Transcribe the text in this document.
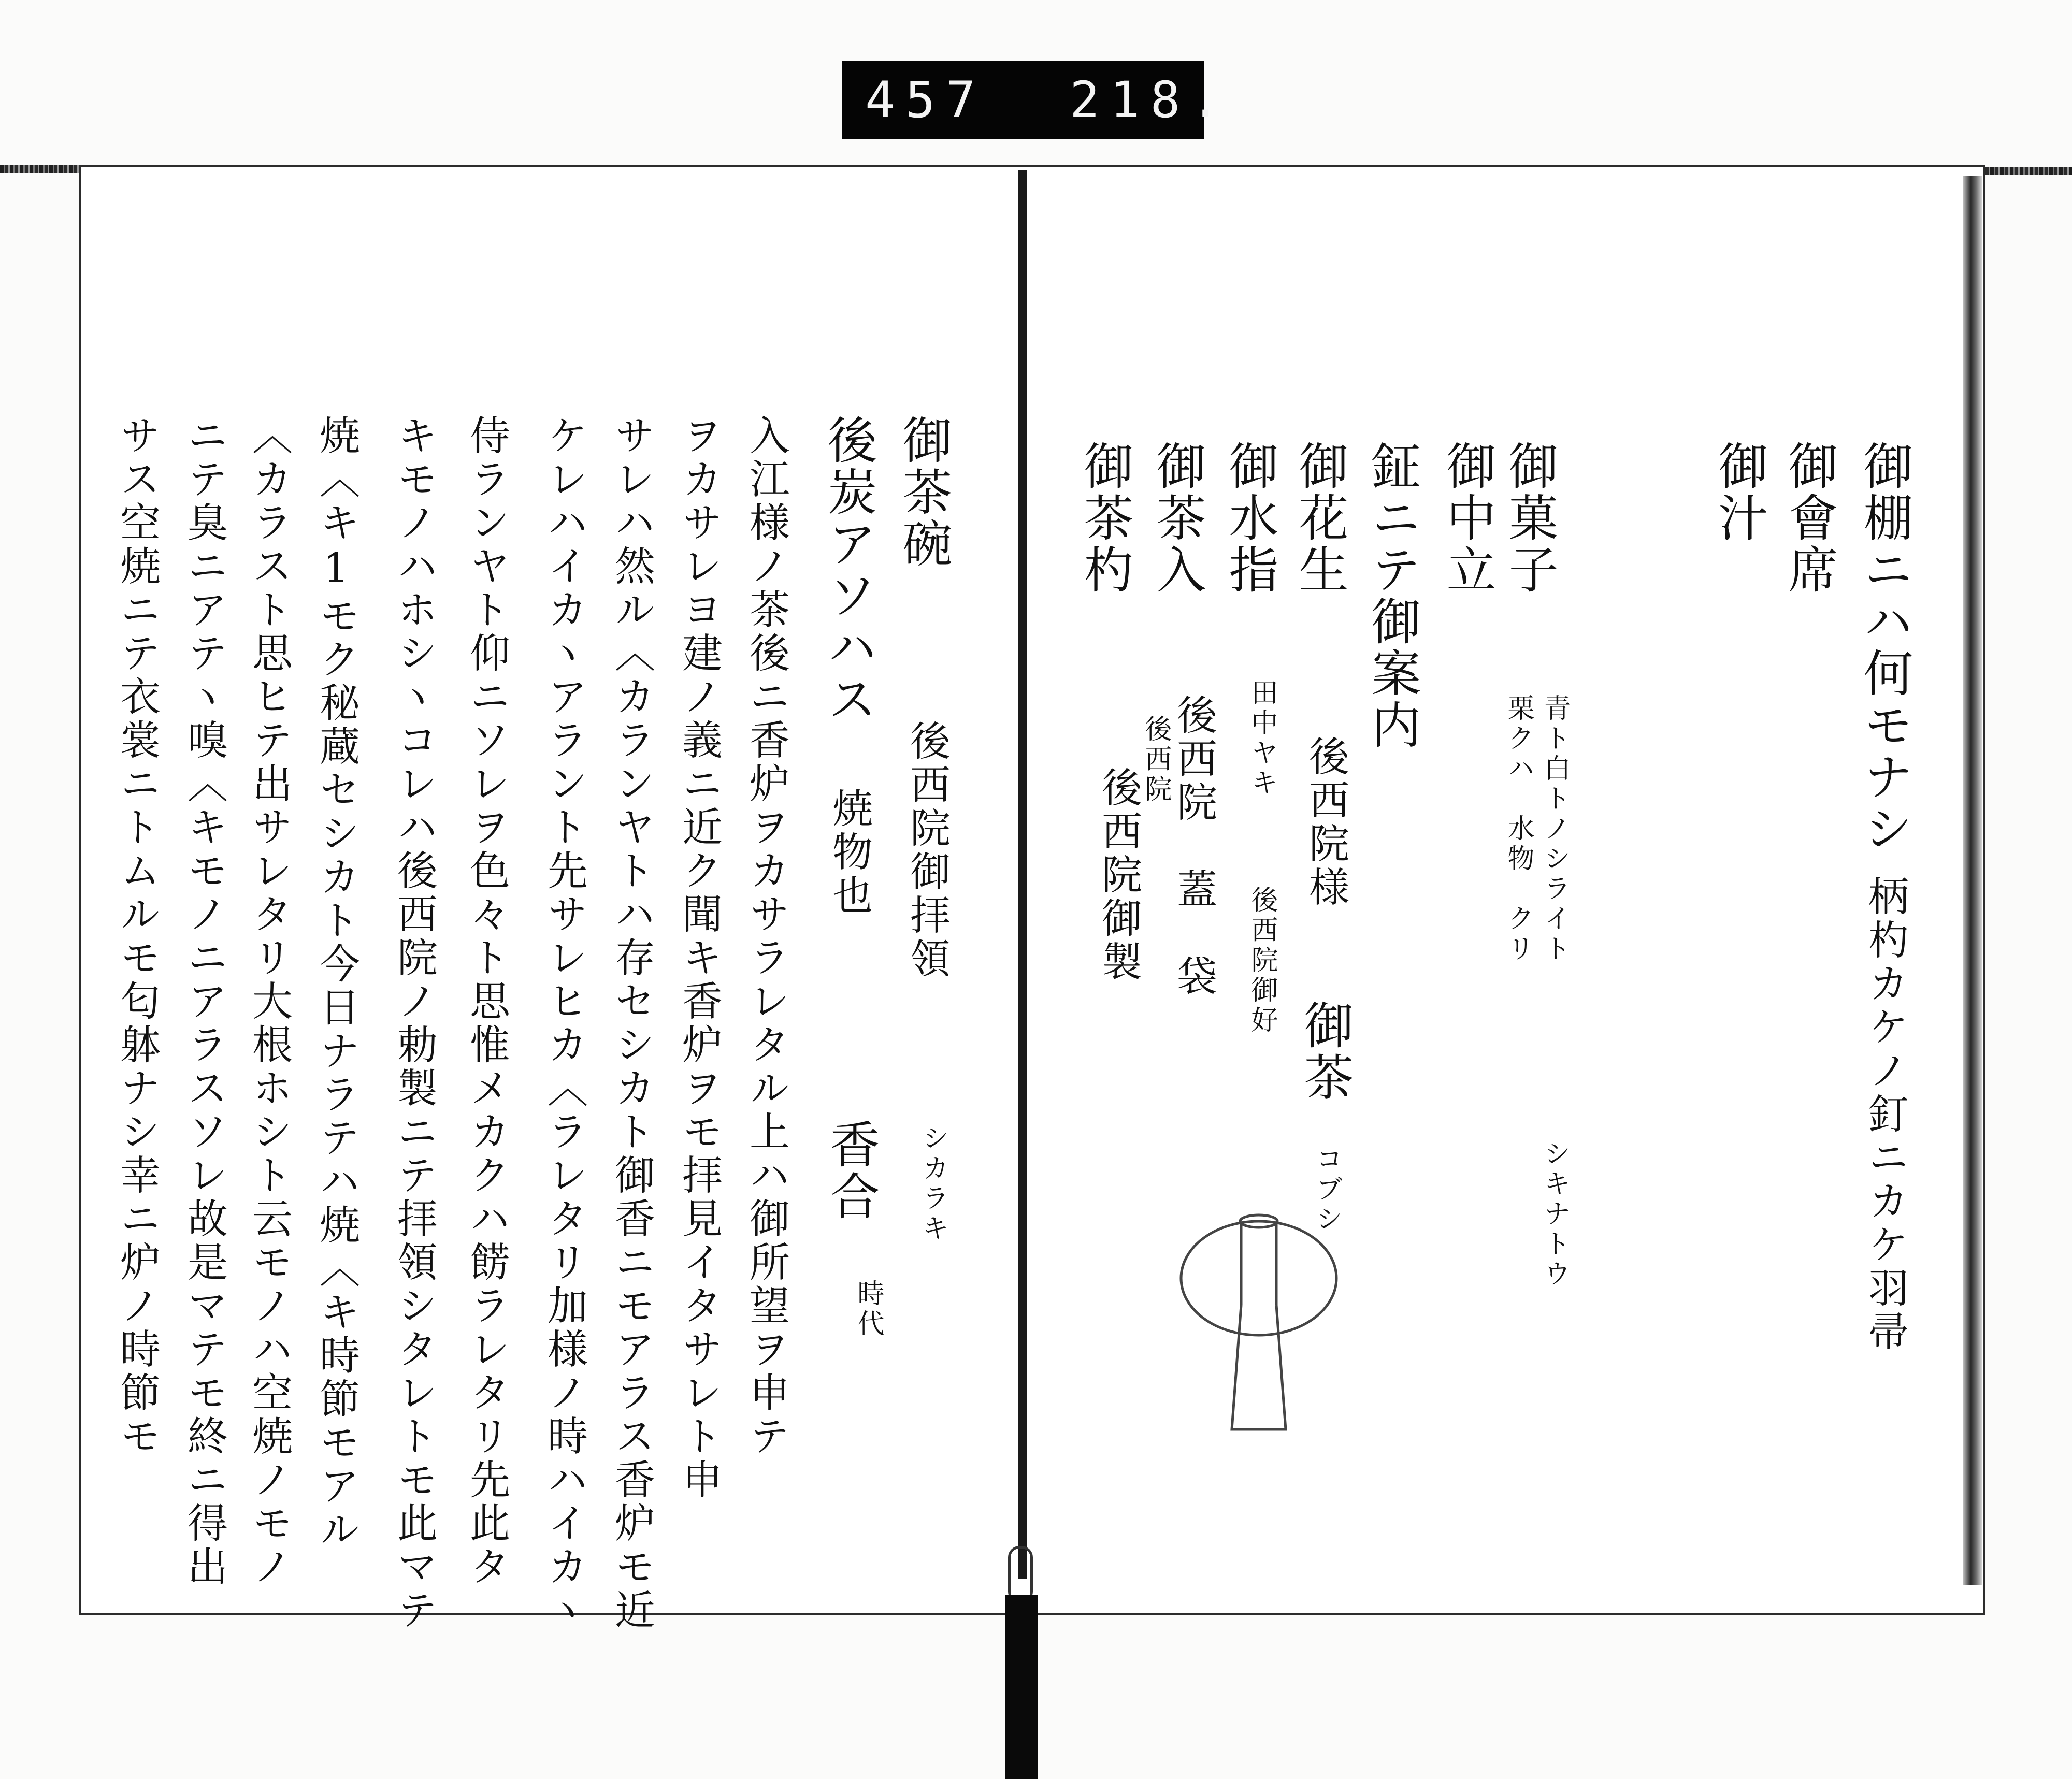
457 218.
御棚ニハ何モナシ
柄杓カケノ釘ニカケ羽帚
御會席
御汁
御菓子
青ト白トノシライト
シキナトウ
栗クハ　水物　クリ
御中立
鉦ニテ御案内
御花生
後西院様
御茶
コブシ
御水指
田中ヤキ
後西院御好
御茶入
後西院　蓋　袋
後西院
御茶杓
後西院御製
御茶碗
後西院御拝領
シカラキ
後炭アソハス
焼物也
香合
時代
入江様ノ茶後ニ香炉ヲカサラレタル上ハ御所望ヲ申テ
ヲカサレヨ建ノ義ニ近ク聞キ香炉ヲモ拝見イタサレト申
サレハ然ル〈カランヤトハ存セシカト御香ニモアラス香炉モ近
ケレハイカヽアラント先サレヒカ〈ラレタリ加様ノ時ハイカヽ
侍ランヤト仰ニソレヲ色々ト思惟メカクハ餝ラレタリ先此タ
キモノハホシヽコレハ後西院ノ勅製ニテ拝領シタレトモ此マテ
焼〈キ1モク秘蔵セシカト今日ナラテハ焼〈キ時節モアル
〈カラスト思ヒテ出サレタリ大根ホシト云モノハ空焼ノモノ
ニテ臭ニアテヽ嗅〈キモノニアラスソレ故是マテモ終ニ得出
サス空焼ニテ衣裳ニトムルモ匂躰ナシ幸ニ炉ノ時節モ
